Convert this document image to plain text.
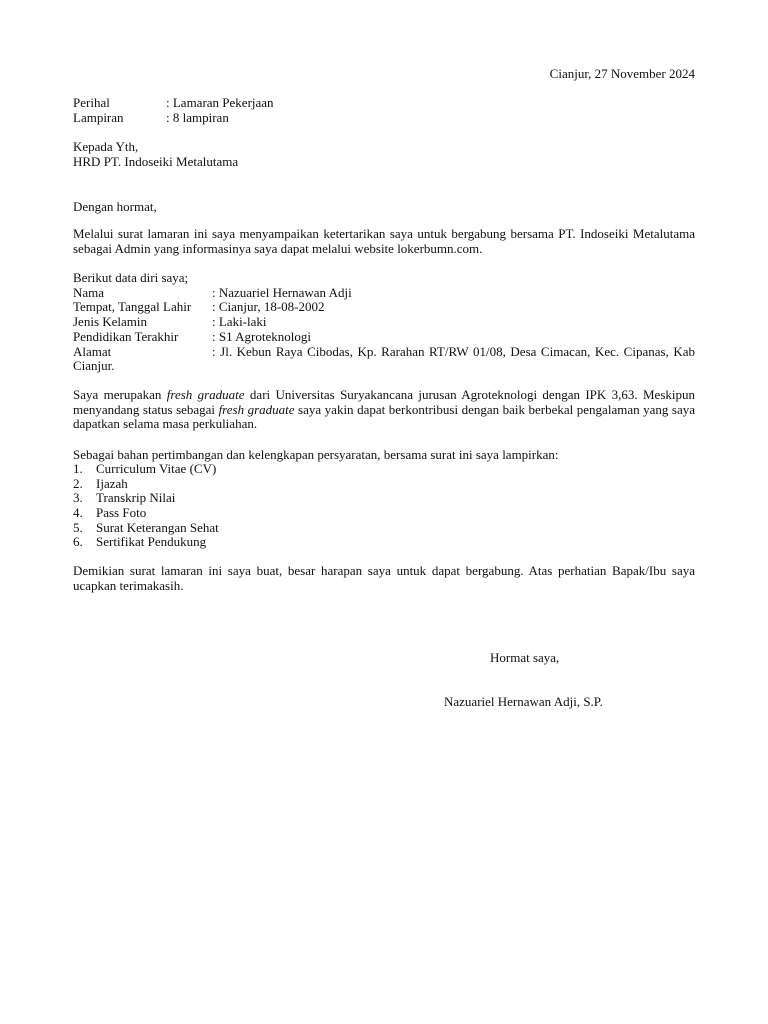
Cianjur, 27 November 2024
Perihal	: Lamaran Pekerjaan
Lampiran	: 8 lampiran
Kepada Yth,
HRD PT. Indoseiki Metalutama
Dengan hormat,
Melalui surat lamaran ini saya menyampaikan ketertarikan saya untuk bergabung bersama PT. Indoseiki Metalutama sebagai Admin yang informasinya saya dapat melalui website lokerbumn.com.
Berikut data diri saya;
Nama	: Nazuariel Hernawan Adji
Tempat, Tanggal Lahir : Cianjur, 18-08-2002
Jenis Kelamin	: Laki-laki
Pendidikan Terakhir	: S1 Agroteknologi
Alamat	: Jl. Kebun Raya Cibodas, Kp. Rarahan RT/RW 01/08, Desa Cimacan, Kec. Cipanas, Kab Cianjur.
Saya merupakan fresh graduate dari Universitas Suryakancana jurusan Agroteknologi dengan IPK 3,63. Meskipun menyandang status sebagai fresh graduate saya yakin dapat berkontribusi dengan baik berbekal pengalaman yang saya dapatkan selama masa perkuliahan.
Sebagai bahan pertimbangan dan kelengkapan persyaratan, bersama surat ini saya lampirkan:
1. Curriculum Vitae (CV)
2. Ijazah
3. Transkrip Nilai
4. Pass Foto
5. Surat Keterangan Sehat
6. Sertifikat Pendukung
Demikian surat lamaran ini saya buat, besar harapan saya untuk dapat bergabung. Atas perhatian Bapak/Ibu saya ucapkan terimakasih.
Hormat saya,
Nazuariel Hernawan Adji, S.P.
